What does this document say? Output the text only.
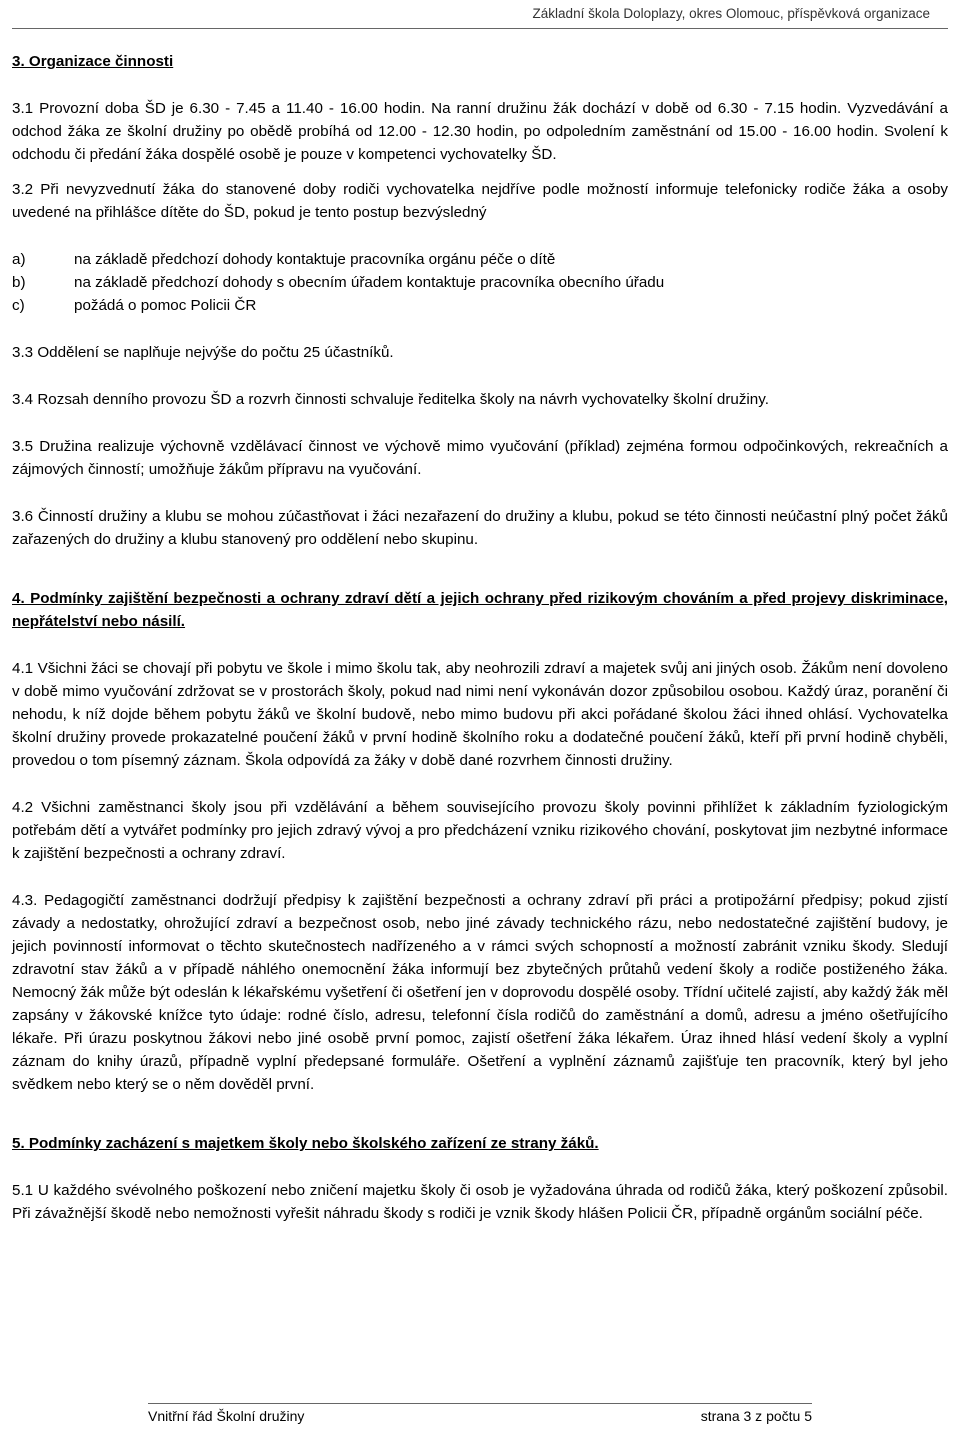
Základní škola Doloplazy, okres Olomouc, příspěvková organizace

3. Organizace činnosti

3.1 Provozní doba ŠD je 6.30 - 7.45 a 11.40 - 16.00 hodin. Na ranní družinu žák dochází v době od 6.30 - 7.15 hodin. Vyzvedávání a odchod žáka ze školní družiny po obědě probíhá od 12.00 - 12.30 hodin, po odpoledním zaměstnání od 15.00 - 16.00 hodin. Svolení k odchodu či předání žáka dospělé osobě je pouze v kompetenci vychovatelky ŠD.

3.2 Při nevyzvednutí žáka do stanovené doby rodiči vychovatelka nejdříve podle možností informuje telefonicky rodiče žáka a osoby uvedené na přihlášce dítěte do ŠD, pokud je tento postup bezvýsledný

a)	na základě předchozí dohody kontaktuje pracovníka orgánu péče o dítě
b)	na základě předchozí dohody s obecním úřadem kontaktuje pracovníka obecního úřadu
c)	požádá o pomoc Policii ČR

3.3 Oddělení se naplňuje nejvýše do počtu 25 účastníků.

3.4 Rozsah denního provozu ŠD a rozvrh činnosti schvaluje ředitelka školy na návrh vychovatelky školní družiny.

3.5 Družina realizuje výchovně vzdělávací činnost ve výchově mimo vyučování (příklad) zejména formou odpočinkových, rekreačních a zájmových činností; umožňuje žákům přípravu na vyučování.

3.6 Činností družiny a klubu se mohou zúčastňovat i žáci nezařazení do družiny a klubu, pokud se této činnosti neúčastní plný počet žáků zařazených do družiny a klubu stanovený pro oddělení nebo skupinu.

4. Podmínky zajištění bezpečnosti a ochrany zdraví dětí a jejich ochrany před rizikovým chováním a před projevy diskriminace, nepřátelství nebo násilí.

4.1 Všichni žáci se chovají při pobytu ve škole i mimo školu tak, aby neohrozili zdraví a majetek svůj ani jiných osob. Žákům není dovoleno v době mimo vyučování zdržovat se v prostorách školy, pokud nad nimi není vykonáván dozor způsobilou osobou. Každý úraz, poranění či nehodu, k níž dojde během pobytu žáků ve školní budově, nebo mimo budovu při akci pořádané školou žáci ihned ohlásí. Vychovatelka školní družiny provede prokazatelné poučení žáků v první hodině školního roku a dodatečné poučení žáků, kteří při první hodině chyběli, provedou o tom písemný záznam. Škola odpovídá za žáky v době dané rozvrhem činnosti družiny.

4.2 Všichni zaměstnanci školy jsou při vzdělávání a během souvisejícího provozu školy povinni přihlížet k základním fyziologickým potřebám dětí a vytvářet podmínky pro jejich zdravý vývoj a pro předcházení vzniku rizikového chování, poskytovat jim nezbytné informace k zajištění bezpečnosti a ochrany zdraví.

4.3. Pedagogičtí zaměstnanci dodržují předpisy k zajištění bezpečnosti a ochrany zdraví při práci a protipožární předpisy; pokud zjistí závady a nedostatky, ohrožující zdraví a bezpečnost osob, nebo jiné závady technického rázu, nebo nedostatečné zajištění budovy, je jejich povinností informovat o těchto skutečnostech nadřízeného a v rámci svých schopností a možností zabránit vzniku škody. Sledují zdravotní stav žáků a v případě náhlého onemocnění žáka informují bez zbytečných průtahů vedení školy a rodiče postiženého žáka. Nemocný žák může být odeslán k lékařskému vyšetření či ošetření jen v doprovodu dospělé osoby. Třídní učitelé zajistí, aby každý žák měl zapsány v žákovské knížce tyto údaje: rodné číslo, adresu, telefonní čísla rodičů do zaměstnání a domů, adresu a jméno ošetřujícího lékaře. Při úrazu poskytnou žákovi nebo jiné osobě první pomoc, zajistí ošetření žáka lékařem. Úraz ihned hlásí vedení školy a vyplní záznam do knihy úrazů, případně vyplní předepsané formuláře. Ošetření a vyplnění záznamů zajišťuje ten pracovník, který byl jeho svědkem nebo který se o něm dověděl první.

5. Podmínky zacházení s majetkem školy nebo školského zařízení ze strany žáků.

5.1 U každého svévolného poškození nebo zničení majetku školy či osob je vyžadována úhrada od rodičů žáka, který poškození způsobil. Při závažnější škodě nebo nemožnosti vyřešit náhradu škody s rodiči je vznik škody hlášen Policii ČR, případně orgánům sociální péče.

Vnitřní řád Školní družiny	strana 3 z počtu 5
